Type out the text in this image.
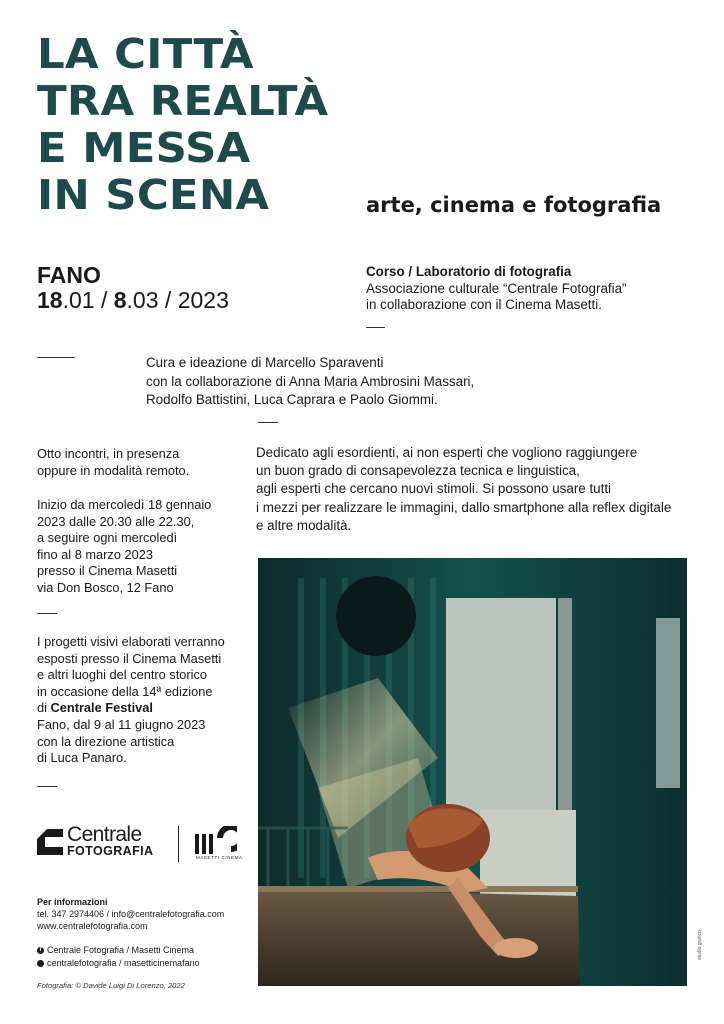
LA CITTÀ
TRA REALTÀ
E MESSA
IN SCENA	arte, cinema e fotografia
FANO
18.01 / 8.03 / 2023
Corso / Laboratorio di fotografia
Associazione culturale “Centrale Fotografia”
in collaborazione con il Cinema Masetti.
Cura e ideazione di Marcello Sparaventi
con la collaborazione di Anna Maria Ambrosini Massari,
Rodolfo Battistini, Luca Caprara e Paolo Giommi.
Otto incontri, in presenza
oppure in modalità remoto.
Inizio da mercoledì 18 gennaio
2023 dalle 20.30 alle 22.30,
a seguire ogni mercoledì
fino al 8 marzo 2023
presso il Cinema Masetti
via Don Bosco, 12 Fano
I progetti visivi elaborati verranno
esposti presso il Cinema Masetti
e altri luoghi del centro storico
in occasione della 14ª edizione
di Centrale Festival
Fano, dal 9 al 11 giugno 2023
con la direzione artistica
di Luca Panaro.
Dedicato agli esordienti, ai non esperti che vogliono raggiungere
un buon grado di consapevolezza tecnica e linguistica,
agli esperti che cercano nuovi stimoli. Si possono usare tutti
i mezzi per realizzare le immagini, dallo smartphone alla reflex digitale
e altre modalità.
studio grafico
Centrale
FOTOGRAFIA	MASETTI CINEMA
Per informazioni
tel. 347 2974406 / info@centralefotografia.com
www.centralefotografia.com
f Centrale Fotografia / Masetti Cinema
centralefotografia / masetticinemafano
Fotografia: © Davide Luigi Di Lorenzo, 2022
